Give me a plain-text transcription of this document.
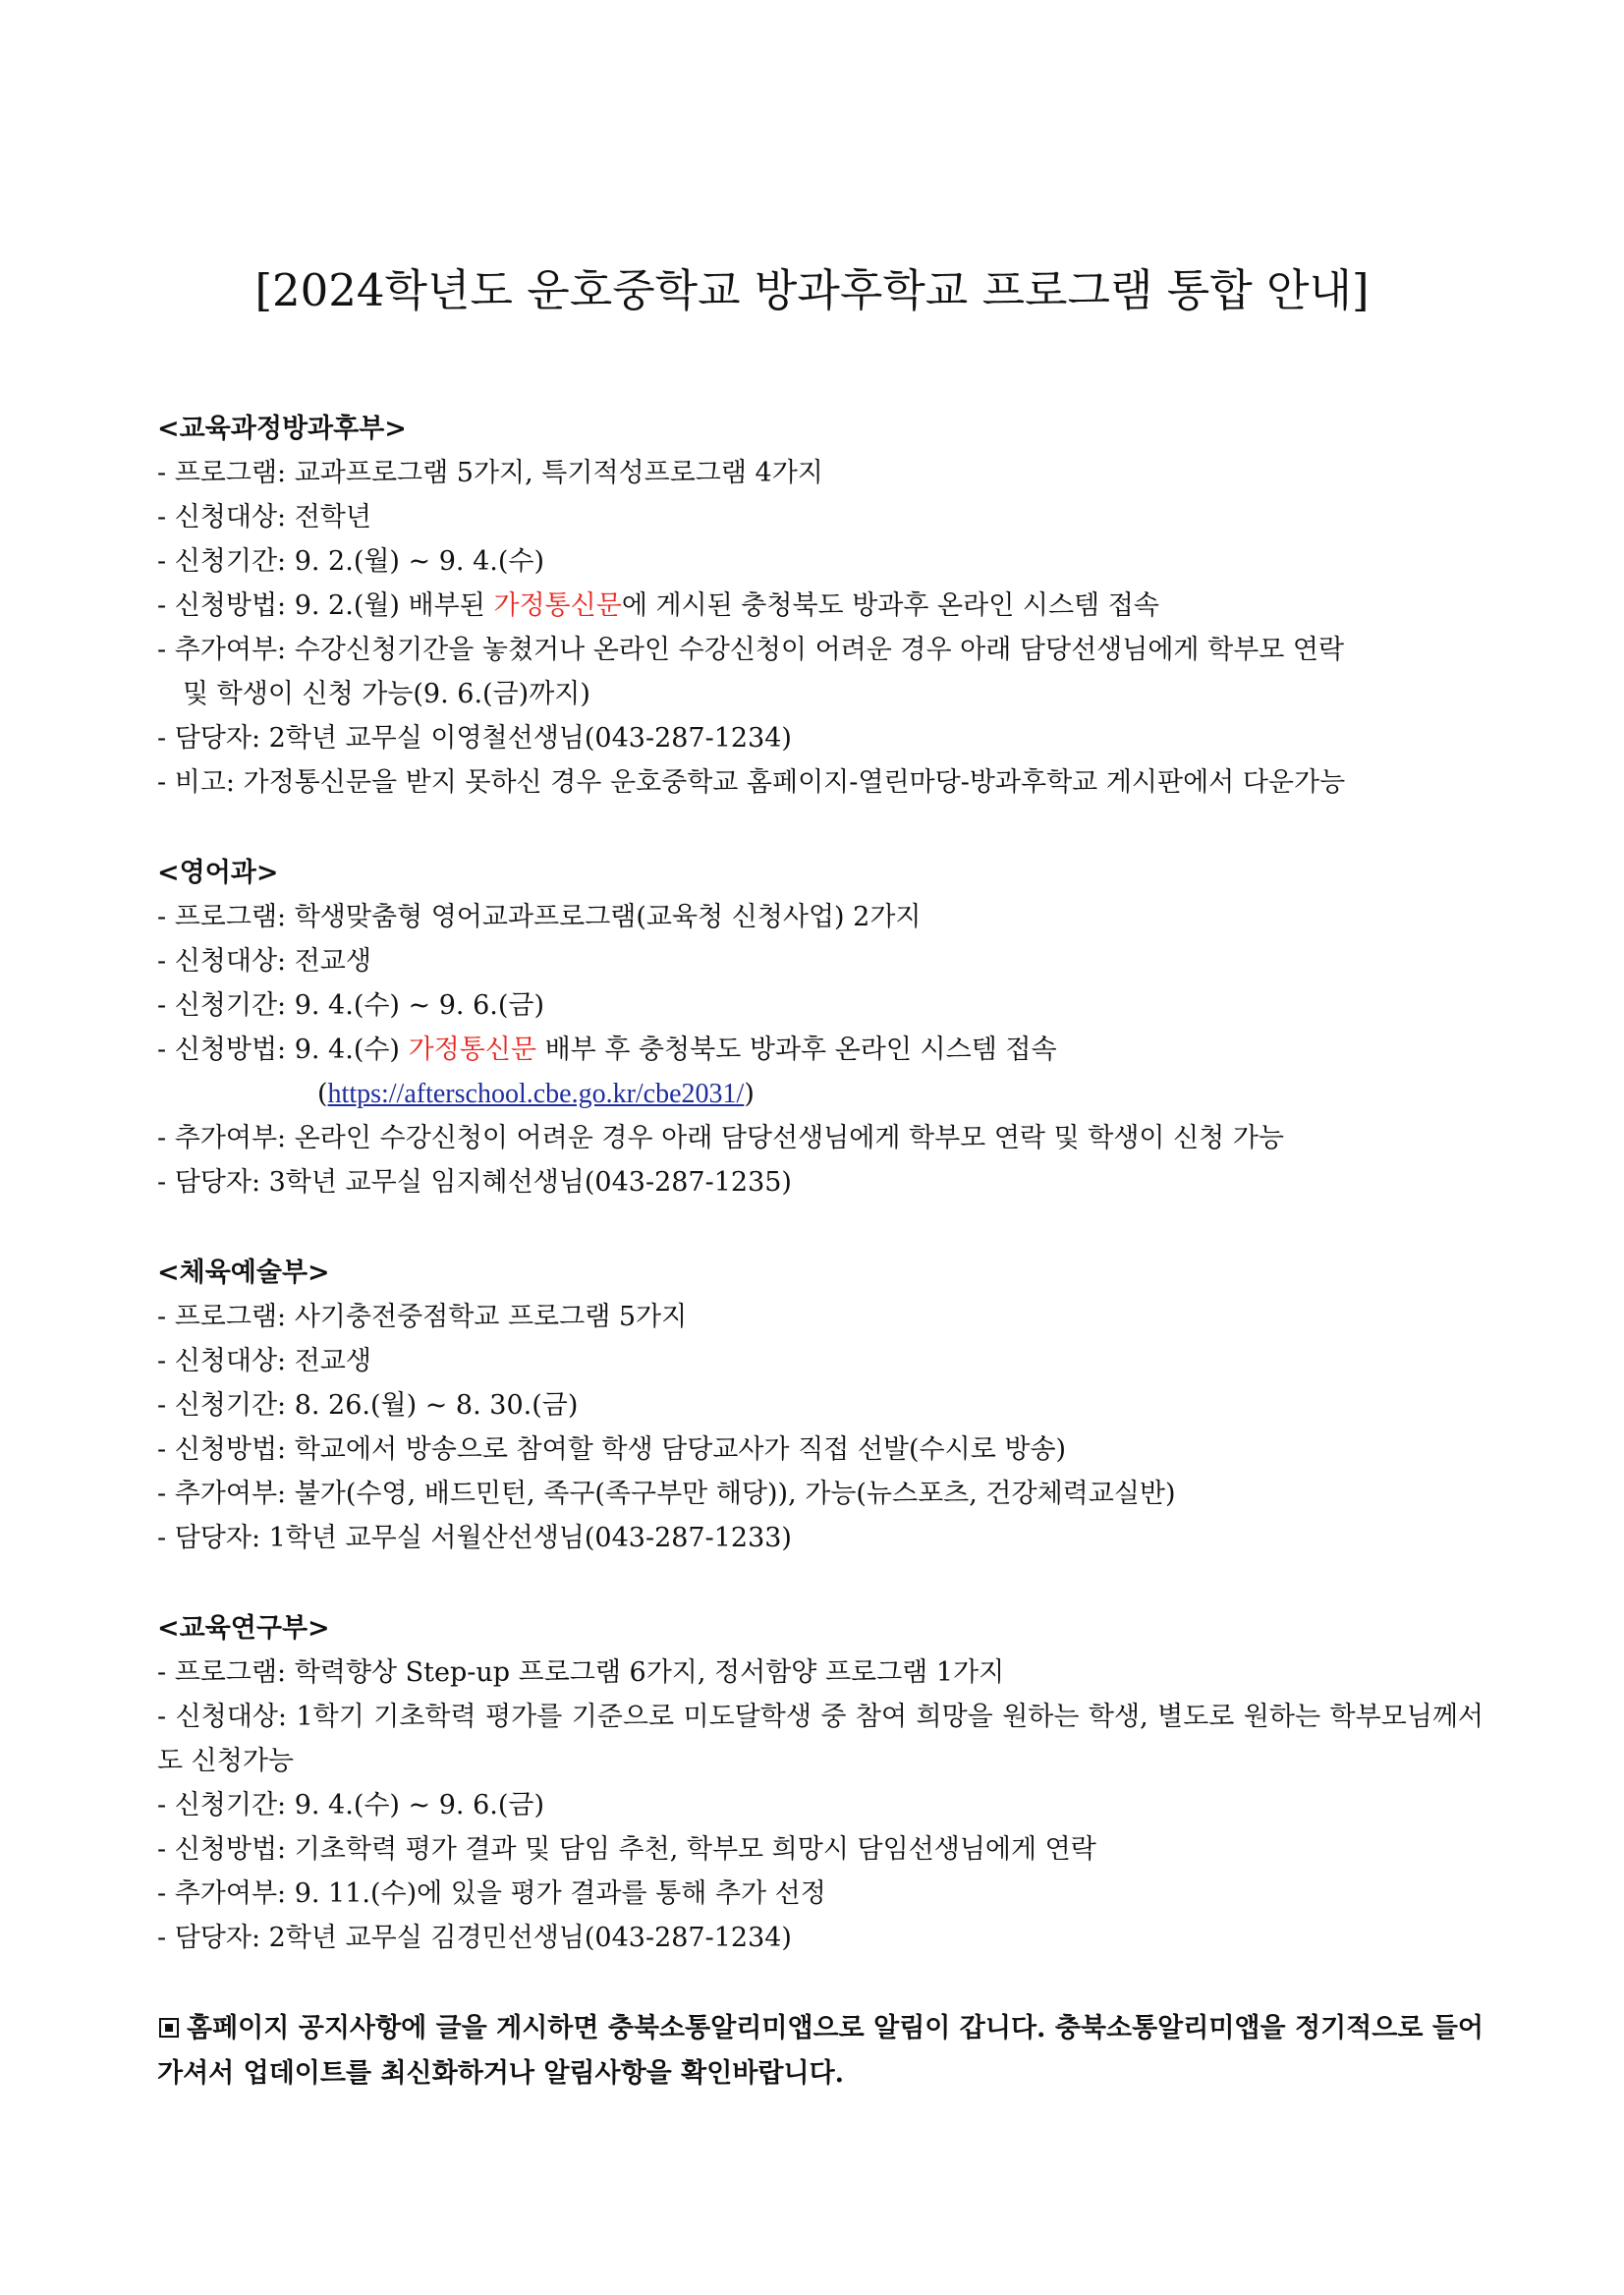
[2024학년도 운호중학교 방과후학교 프로그램 통합 안내]
<교육과정방과후부>
- 프로그램: 교과프로그램 5가지, 특기적성프로그램 4가지
- 신청대상: 전학년
- 신청기간: 9. 2.(월) ~ 9. 4.(수)
- 신청방법: 9. 2.(월) 배부된 가정통신문에 게시된 충청북도 방과후 온라인 시스템 접속
- 추가여부: 수강신청기간을 놓쳤거나 온라인 수강신청이 어려운 경우 아래 담당선생님에게 학부모 연락
및 학생이 신청 가능(9. 6.(금)까지)
- 담당자: 2학년 교무실 이영철선생님(043-287-1234)
- 비고: 가정통신문을 받지 못하신 경우 운호중학교 홈페이지-열린마당-방과후학교 게시판에서 다운가능
<영어과>
- 프로그램: 학생맞춤형 영어교과프로그램(교육청 신청사업) 2가지
- 신청대상: 전교생
- 신청기간: 9. 4.(수) ~ 9. 6.(금)
- 신청방법: 9. 4.(수) 가정통신문 배부 후 충청북도 방과후 온라인 시스템 접속
(https://afterschool.cbe.go.kr/cbe2031/)
- 추가여부: 온라인 수강신청이 어려운 경우 아래 담당선생님에게 학부모 연락 및 학생이 신청 가능
- 담당자: 3학년 교무실 임지혜선생님(043-287-1235)
<체육예술부>
- 프로그램: 사기충전중점학교 프로그램 5가지
- 신청대상: 전교생
- 신청기간: 8. 26.(월) ~ 8. 30.(금)
- 신청방법: 학교에서 방송으로 참여할 학생 담당교사가 직접 선발(수시로 방송)
- 추가여부: 불가(수영, 배드민턴, 족구(족구부만 해당)), 가능(뉴스포츠, 건강체력교실반)
- 담당자: 1학년 교무실 서월산선생님(043-287-1233)
<교육연구부>
- 프로그램: 학력향상 Step-up 프로그램 6가지, 정서함양 프로그램 1가지
- 신청대상: 1학기 기초학력 평가를 기준으로 미도달학생 중 참여 희망을 원하는 학생, 별도로 원하는 학부모님께서도 신청가능
- 신청기간: 9. 4.(수) ~ 9. 6.(금)
- 신청방법: 기초학력 평가 결과 및 담임 추천, 학부모 희망시 담임선생님에게 연락
- 추가여부: 9. 11.(수)에 있을 평가 결과를 통해 추가 선정
- 담당자: 2학년 교무실 김경민선생님(043-287-1234)
홈페이지 공지사항에 글을 게시하면 충북소통알리미앱으로 알림이 갑니다. 충북소통알리미앱을 정기적으로 들어가셔서 업데이트를 최신화하거나 알림사항을 확인바랍니다.
